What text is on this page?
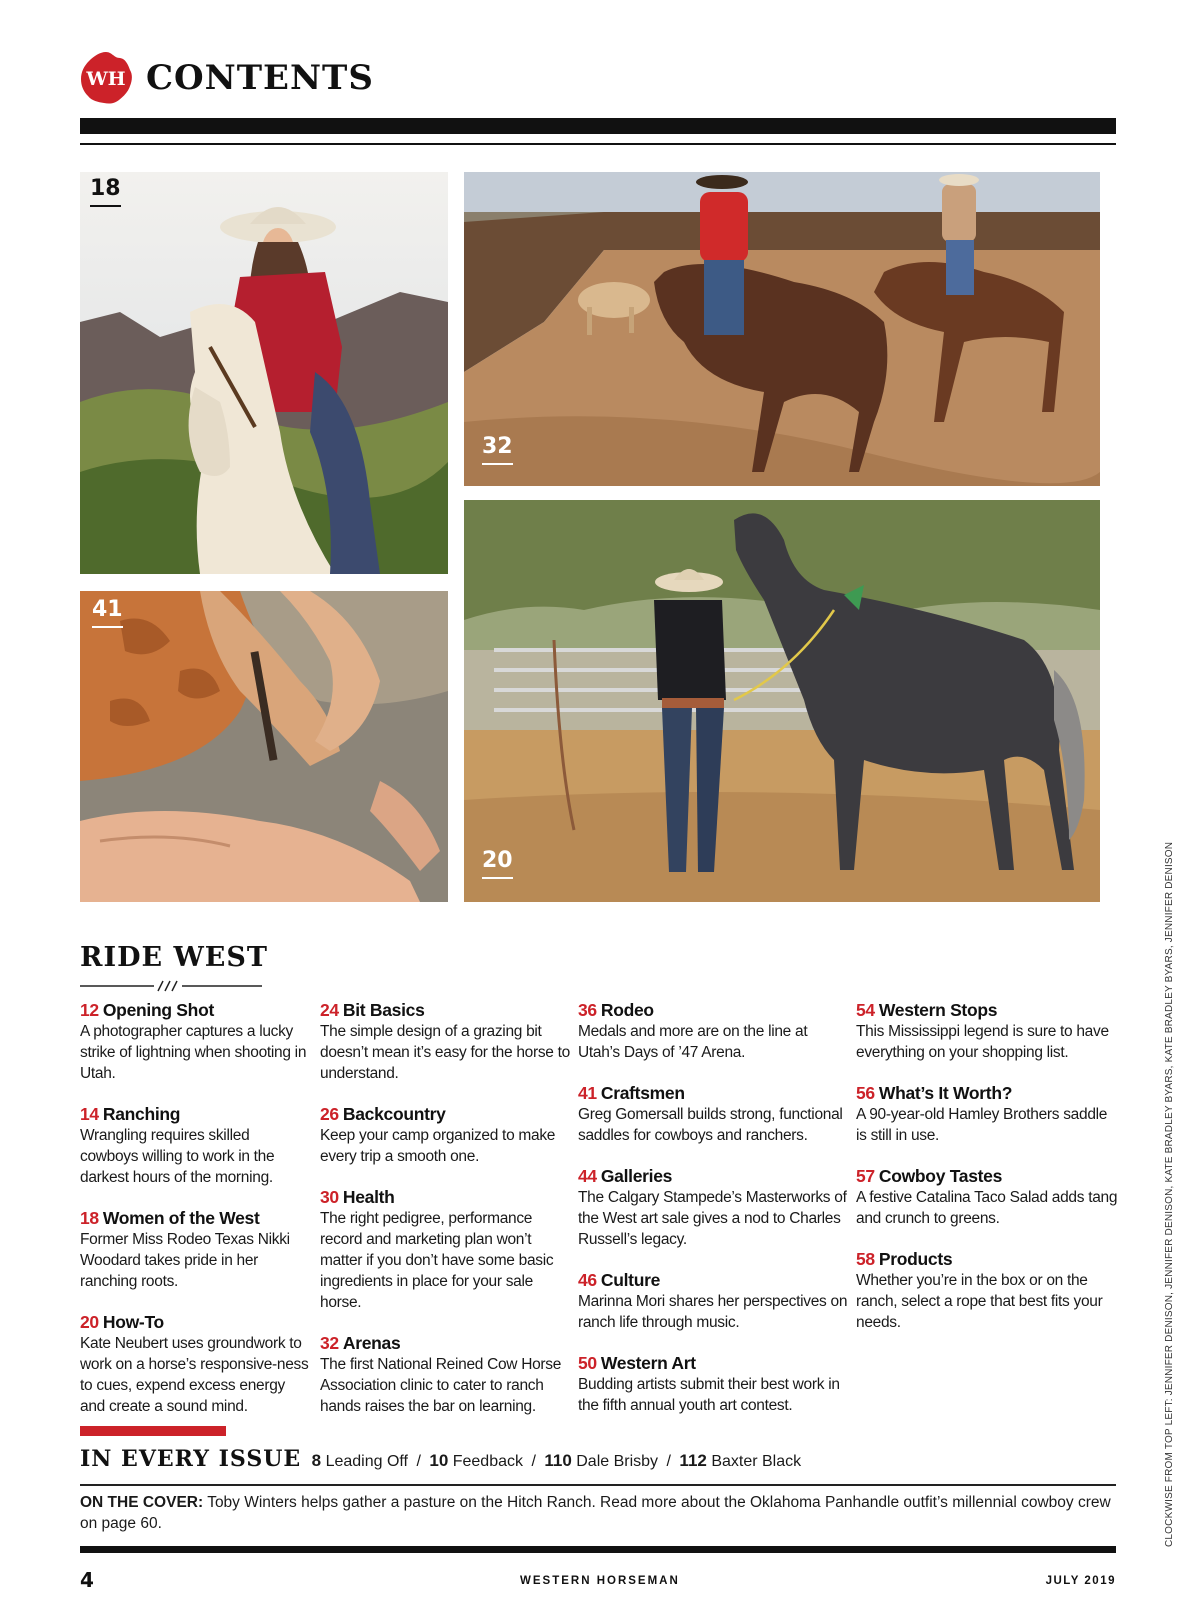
WH CONTENTS
18
32
41
20
RIDE WEST
12 Opening Shot
A photographer captures a lucky strike of lightning when shooting in Utah.
14 Ranching
Wrangling requires skilled cowboys willing to work in the darkest hours of the morning.
18 Women of the West
Former Miss Rodeo Texas Nikki Woodard takes pride in her ranching roots.
20 How-To
Kate Neubert uses groundwork to work on a horse’s responsive-ness to cues, expend excess energy and create a sound mind.
24 Bit Basics
The simple design of a grazing bit doesn’t mean it’s easy for the horse to understand.
26 Backcountry
Keep your camp organized to make every trip a smooth one.
30 Health
The right pedigree, performance record and marketing plan won’t matter if you don’t have some basic ingredients in place for your sale horse.
32 Arenas
The first National Reined Cow Horse Association clinic to cater to ranch hands raises the bar on learning.
36 Rodeo
Medals and more are on the line at Utah’s Days of ’47 Arena.
41 Craftsmen
Greg Gomersall builds strong, functional saddles for cowboys and ranchers.
44 Galleries
The Calgary Stampede’s Masterworks of the West art sale gives a nod to Charles Russell’s legacy.
46 Culture
Marinna Mori shares her perspectives on ranch life through music.
50 Western Art
Budding artists submit their best work in the fifth annual youth art contest.
54 Western Stops
This Mississippi legend is sure to have everything on your shopping list.
56 What’s It Worth?
A 90-year-old Hamley Brothers saddle is still in use.
57 Cowboy Tastes
A festive Catalina Taco Salad adds tang and crunch to greens.
58 Products
Whether you’re in the box or on the ranch, select a rope that best fits your needs.
IN EVERY ISSUE 8 Leading Off / 10 Feedback / 110 Dale Brisby / 112 Baxter Black
ON THE COVER: Toby Winters helps gather a pasture on the Hitch Ranch. Read more about the Oklahoma Panhandle outfit’s millennial cowboy crew on page 60.
4	WESTERN HORSEMAN	JULY 2019
CLOCKWISE FROM TOP LEFT: JENNIFER DENISON, JENNIFER DENISON, KATE BRADLEY BYARS, KATE BRADLEY BYARS, JENNIFER DENISON
